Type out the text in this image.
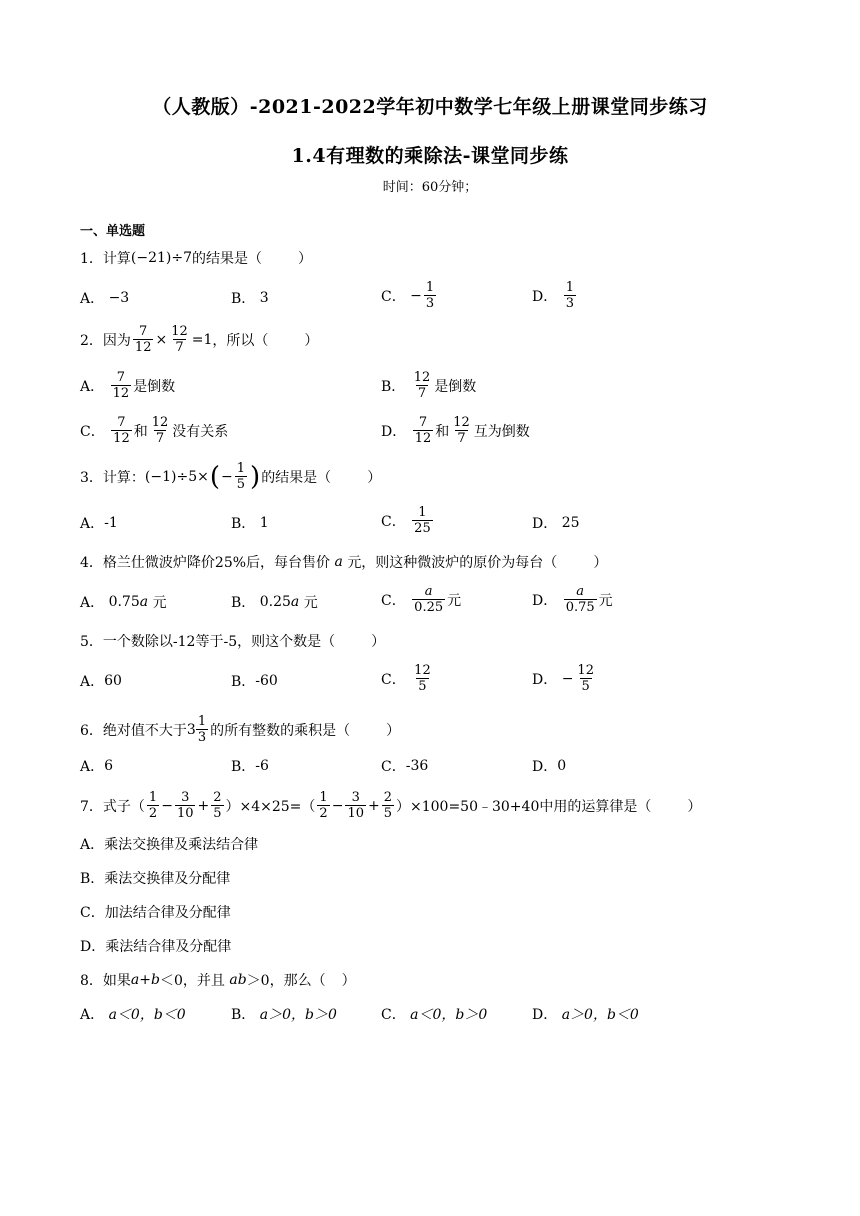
（人教版）-2021-2022学年初中数学七年级上册课堂同步练习
1.4有理数的乘除法-课堂同步练
时间：60分钟；
一、单选题
1． 计算 (−21)÷7 的结果是（	）
A．
−3	B．
3	C．
− $\frac{1}{3}$	D．
$\frac{1}{3}$
2． 因为 $\frac{7}{12} \times \frac{12}{7} =1$ ，所以（	）
A．
$\frac{7}{12}$ 是倒数	B．
$\frac{12}{7}$ 是倒数
C．
$\frac{7}{12}$ 和 $\frac{12}{7}$ 没有关系	D．
$\frac{7}{12}$ 和 $\frac{12}{7}$ 互为倒数
3． 计算： (−1)÷5× ( − $\frac{1}{5}$ ) 的结果是（	）
A． -1	B．
1	C．
$\frac{1}{25}$	D．
25
4． 格兰仕微波炉降价25%后，每台售价
a
元，则这种微波炉的原价为每台（	）
A．
0.75 a
元	B．
0.25 a
元	C．
$\frac{a}{0.25}$ 元	D．
$\frac{a}{0.75}$ 元
5． 一个数除以-12等于-5，则这个数是（	）
A． 60	B． -60	C．
$\frac{12}{5}$	D．
− $\frac{12}{5}$
6． 绝对值不大于 $3 \frac{1}{3}$ 的所有整数的乘积是（	）
A． 6	B． -6	C． -36	D． 0
7． 式子（ $\frac{1}{2} - \frac{3}{10} + \frac{2}{5} )\times 4\times 25=( \frac{1}{2} - \frac{3}{10} + \frac{2}{5}$ ）×100=50﹣30+40中用的运算律是（	）
A． 乘法交换律及乘法结合律
B． 乘法交换律及分配律
C． 加法结合律及分配律
D． 乘法结合律及分配律
8． 如果 a+b ＜0，并且
ab ＞0，那么（ ）
A．
a＜0，b＜0	B．
a＞0，b＞0	C．
a＜0，b＞0	D．
a＞0，b＜0
